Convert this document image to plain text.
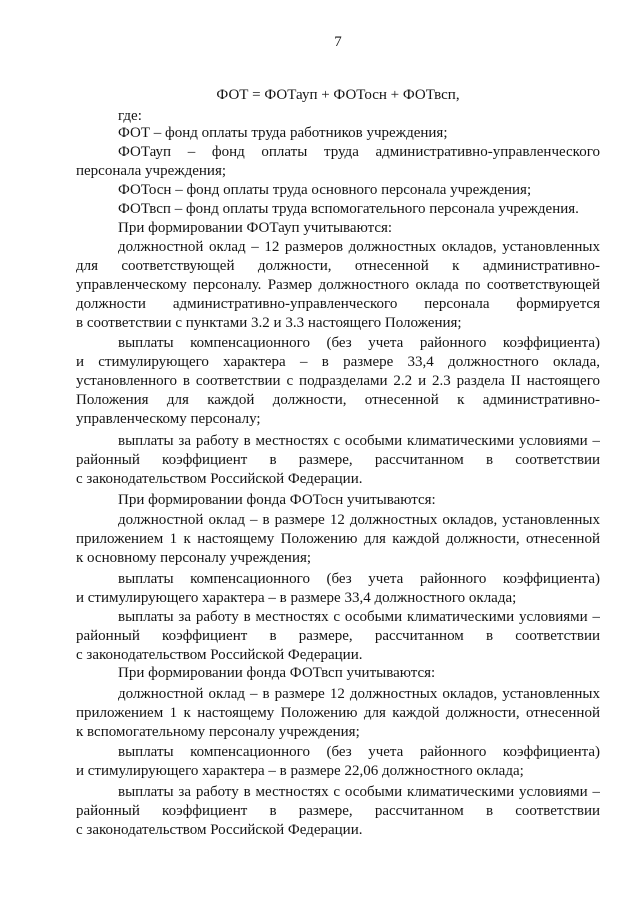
7
ФОТ = ФОТауп + ФОТосн + ФОТвсп,
где:
ФОТ – фонд оплаты труда работников учреждения;
ФОТауп – фонд оплаты труда административно-управленческого
персонала учреждения;
ФОТосн – фонд оплаты труда основного персонала учреждения;
ФОТвсп – фонд оплаты труда вспомогательного персонала учреждения.
При формировании ФОТауп учитываются:
должностной оклад – 12 размеров должностных окладов, установленных
для соответствующей должности, отнесенной к административно-
управленческому персоналу. Размер должностного оклада по соответствующей
должности административно-управленческого персонала формируется
в соответствии с пунктами 3.2 и 3.3 настоящего Положения;
выплаты компенсационного (без учета районного коэффициента)
и стимулирующего характера – в размере 33,4 должностного оклада,
установленного в соответствии с подразделами 2.2 и 2.3 раздела II настоящего
Положения для каждой должности, отнесенной к административно-
управленческому персоналу;
выплаты за работу в местностях с особыми климатическими условиями –
районный коэффициент в размере, рассчитанном в соответствии
с законодательством Российской Федерации.
При формировании фонда ФОТосн учитываются:
должностной оклад – в размере 12 должностных окладов, установленных
приложением 1 к настоящему Положению для каждой должности, отнесенной
к основному персоналу учреждения;
выплаты компенсационного (без учета районного коэффициента)
и стимулирующего характера – в размере 33,4 должностного оклада;
выплаты за работу в местностях с особыми климатическими условиями –
районный коэффициент в размере, рассчитанном в соответствии
с законодательством Российской Федерации.
При формировании фонда ФОТвсп учитываются:
должностной оклад – в размере 12 должностных окладов, установленных
приложением 1 к настоящему Положению для каждой должности, отнесенной
к вспомогательному персоналу учреждения;
выплаты компенсационного (без учета районного коэффициента)
и стимулирующего характера – в размере 22,06 должностного оклада;
выплаты за работу в местностях с особыми климатическими условиями –
районный коэффициент в размере, рассчитанном в соответствии
с законодательством Российской Федерации.
